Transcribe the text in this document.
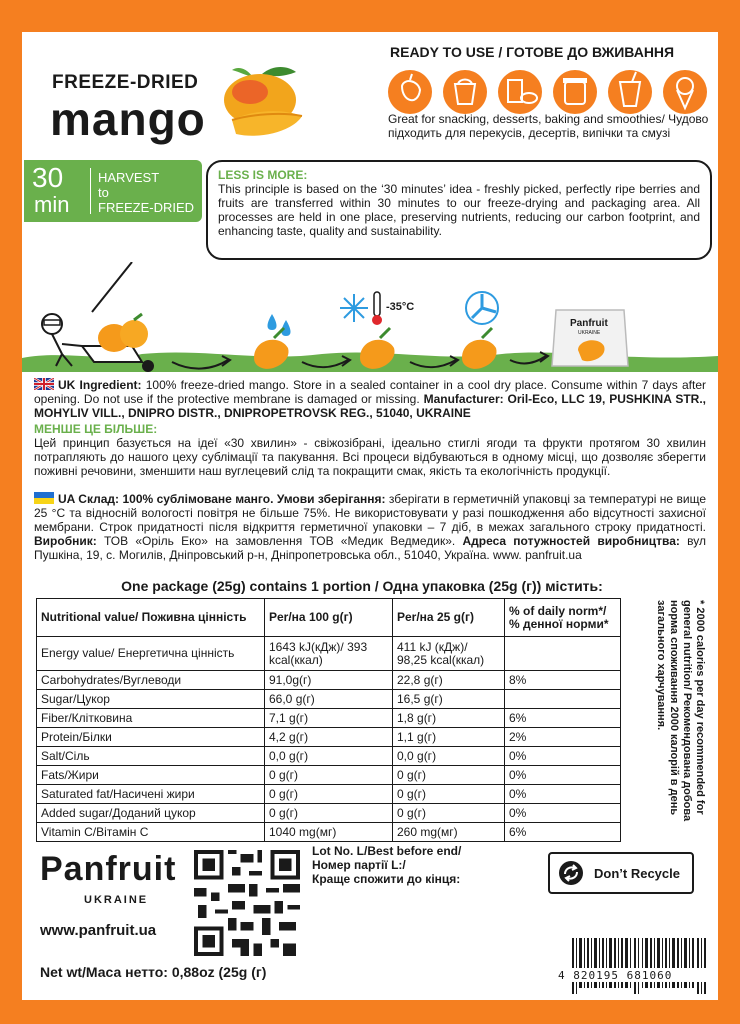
FREEZE-DRIED
mango
READY TO USE / ГОТОВЕ ДО ВЖИВАННЯ
Great for snacking, desserts, baking and smoothies/ Чудово підходить для перекусів, десертів, випічки та смузі
30
min
HARVEST
to
FREEZE-DRIED
LESS IS MORE:
This principle is based on the ‘30 minutes’ idea - freshly picked, perfectly ripe berries and fruits are transferred within 30 minutes to our freeze-drying and packaging area. All processes are held in one place, preserving nutrients, reducing our carbon footprint, and enhancing taste, quality and sustainability.
-35°C
Panfruit
UKRAINE
UK Ingredient: 100% freeze-dried mango. Store in a sealed container in a cool dry place. Consume within 7 days after opening. Do not use if the protective membrane is damaged or missing. Manufacturer: Oril-Eco, LLC 19, PUSHKINA STR., MOHYLIV VILL., DNIPRO DISTR., DNIPROPETROVSK REG., 51040, UKRAINE
МЕНШЕ ЦЕ БІЛЬШЕ:
Цей принцип базується на ідеї «30 хвилин» - свіжозібрані, ідеально стиглі ягоди та фрукти протягом 30 хвилин потрапляють до нашого цеху сублімації та пакування. Всі процеси відбуваються в одному місці, що дозволяє зберегти поживні речовини, зменшити наш вуглецевий слід та покращити смак, якість та екологічність продукції.
UA Склад: 100% сублімоване манго. Умови зберігання: зберігати в герметичній упаковці за температурі не вище 25 °С та відносній вологості повітря не більше 75%. Не використовувати у разі пошкодження або відсутності захисної мембрани. Строк придатності після відкриття герметичної упаковки – 7 діб, в межах загального строку придатності. Виробник: ТОВ «Оріль Еко» на замовлення ТОВ «Медик Ведмедик». Адреса потужностей виробництва: вул Пушкіна, 19, с. Могилів, Дніпровський р-н, Дніпропетровська обл., 51040, Україна. www. panfruit.ua
One package (25g) contains 1 portion / Одна упаковка (25g (г)) містить:
Nutritional value/ Поживна цінність	Per/на 100 g(г)	Per/на 25 g(г)	% of daily norm*/ % денної норми*
Energy value/ Енергетична цінність	1643 kJ(кДж)/ 393 kcal(ккал)	411 kJ (кДж)/ 98,25 kcal(ккал)	
Carbohydrates/Вуглеводи	91,0g(г)	22,8 g(г)	8%
Sugar/Цукор	66,0 g(г)	16,5 g(г)	
Fiber/Клітковина	7,1 g(г)	1,8 g(г)	6%
Protein/Білки	4,2 g(г)	1,1 g(г)	2%
Salt/Сіль	0,0 g(г)	0,0 g(г)	0%
Fats/Жири	0 g(г)	0 g(г)	0%
Saturated fat/Насичені жири	0 g(г)	0 g(г)	0%
Added sugar/Доданий цукор	0 g(г)	0 g(г)	0%
Vitamin C/Вітамін С	1040 mg(мг)	260 mg(мг)	6%
* 2000 calories per day recommended for general nutrition/ Рекомендована добова норма споживання 2000 калорій в день загального харчування.
Panfruit
UKRAINE
www.panfruit.ua
Lot No. L/Best before end/
Номер партії L:/
Краще спожити до кінця:	Don’t Recycle
Net wt/Маса нетто: 0,88oz (25g (г)	4 820195 681060
